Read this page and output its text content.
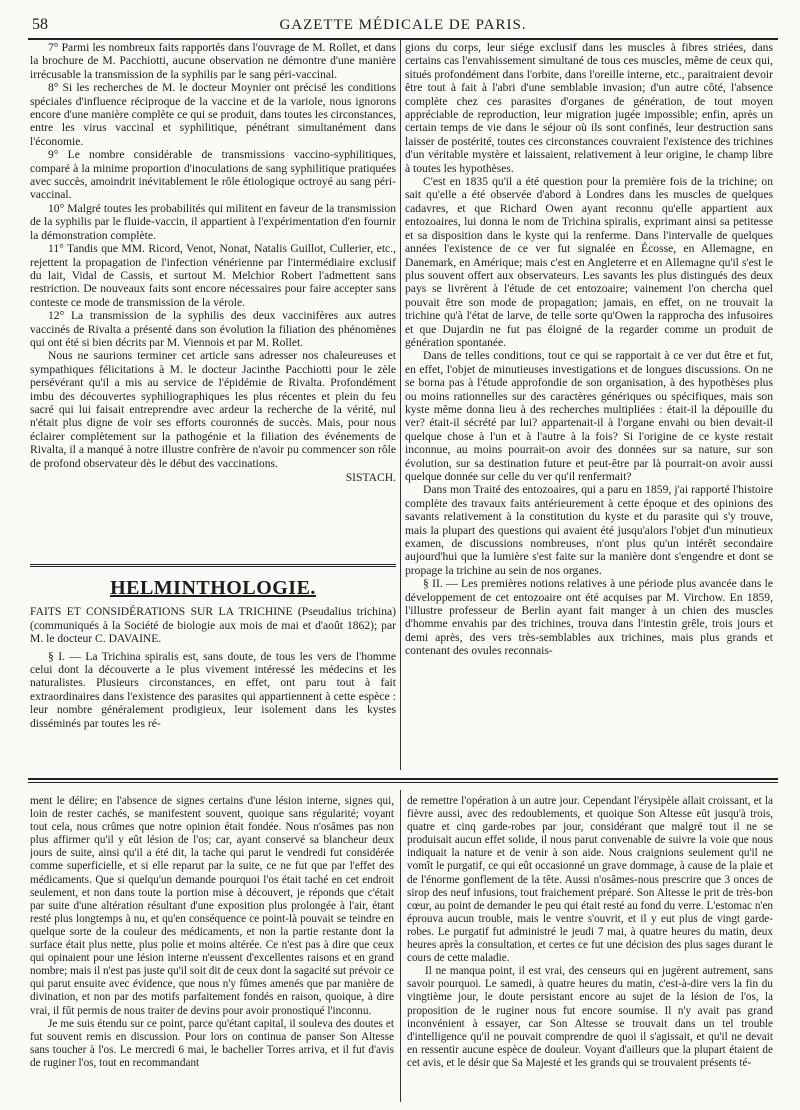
58	GAZETTE MÉDICALE DE PARIS.

7° Parmi les nombreux faits rapportés dans l'ouvrage de M. Rollet, et dans la brochure de M. Pacchiotti, aucune observation ne démontre d'une manière irrécusable la transmission de la syphilis par le sang péri-vaccinal.

8° Si les recherches de M. le docteur Moynier ont précisé les conditions spéciales d'influence réciproque de la vaccine et de la variole, nous ignorons encore d'une manière complète ce qui se produit, dans toutes les circonstances, entre les virus vaccinal et syphilitique, pénétrant simultanément dans l'économie.

9° Le nombre considérable de transmissions vaccino-syphilitiques, comparé à la minime proportion d'inoculations de sang syphilitique pratiquées avec succès, amoindrit inévitablement le rôle étiologique octroyé au sang péri-vaccinal.

10° Malgré toutes les probabilités qui militent en faveur de la transmission de la syphilis par le fluide-vaccin, il appartient à l'expérimentation d'en fournir la démonstration complète.

11° Tandis que MM. Ricord, Venot, Nonat, Natalis Guillot, Cullerier, etc., rejettent la propagation de l'infection vénérienne par l'intermédiaire exclusif du lait, Vidal de Cassis, et surtout M. Melchior Robert l'admettent sans restriction. De nouveaux faits sont encore nécessaires pour faire accepter sans conteste ce mode de transmission de la vérole.

12° La transmission de la syphilis des deux vaccinifères aux autres vaccinés de Rivalta a présenté dans son évolution la filiation des phénomènes qui ont été si bien décrits par M. Viennois et par M. Rollet.

Nous ne saurions terminer cet article sans adresser nos chaleureuses et sympathiques félicitations à M. le docteur Jacinthe Pacchiotti pour le zèle persévérant qu'il a mis au service de l'épidémie de Rivalta. Profondément imbu des découvertes syphiliographiques les plus récentes et plein du feu sacré qui lui faisait entreprendre avec ardeur la recherche de la vérité, nul n'était plus digne de voir ses efforts couronnés de succès. Mais, pour nous éclairer complètement sur la pathogénie et la filiation des événements de Rivalta, il a manqué à notre illustre confrère de n'avoir pu commencer son rôle de profond observateur dès le début des vaccinations.

SISTACH.

HELMINTHOLOGIE.

FAITS ET CONSIDÉRATIONS SUR LA TRICHINE (Pseudalius trichina) (communiqués à la Société de biologie aux mois de mai et d'août 1862); par M. le docteur C. DAVAINE.

§ I. — La Trichina spiralis est, sans doute, de tous les vers de l'homme celui dont la découverte a le plus vivement intéressé les médecins et les naturalistes. Plusieurs circonstances, en effet, ont paru tout à fait extraordinaires dans l'existence des parasites qui appartiennent à cette espèce : leur nombre généralement prodigieux, leur isolement dans les kystes disséminés par toutes les ré-

gions du corps, leur siége exclusif dans les muscles à fibres striées, dans certains cas l'envahissement simultané de tous ces muscles, même de ceux qui, situés profondément dans l'orbite, dans l'oreille interne, etc., paraitraient devoir être tout à fait à l'abri d'une semblable invasion; d'un autre côté, l'absence complète chez ces parasites d'organes de génération, de tout moyen appréciable de reproduction, leur migration jugée impossible; enfin, après un certain temps de vie dans le séjour où ils sont confinés, leur destruction sans laisser de postérité, toutes ces circonstances couvraient l'existence des trichines d'un véritable mystère et laissaient, relativement à leur origine, le champ libre à toutes les hypothèses.

C'est en 1835 qu'il a été question pour la première fois de la trichine; on sait qu'elle a été observée d'abord à Londres dans les muscles de quelques cadavres, et que Richard Owen ayant reconnu qu'elle appartient aux entozoaires, lui donna le nom de Trichina spiralis, exprimant ainsi sa petitesse et sa disposition dans le kyste qui la renferme. Dans l'intervalle de quelques années l'existence de ce ver fut signalée en Écosse, en Allemagne, en Danemark, en Amérique; mais c'est en Angleterre et en Allemagne qu'il s'est le plus souvent offert aux observateurs. Les savants les plus distingués des deux pays se livrèrent à l'étude de cet entozoaire; vainement l'on chercha quel pouvait être son mode de propagation; jamais, en effet, on ne trouvait la trichine qu'à l'état de larve, de telle sorte qu'Owen la rapprocha des infusoires et que Dujardin ne fut pas éloigné de la regarder comme un produit de génération spontanée.

Dans de telles conditions, tout ce qui se rapportait à ce ver dut être et fut, en effet, l'objet de minutieuses investigations et de longues discussions. On ne se borna pas à l'étude approfondie de son organisation, à des hypothèses plus ou moins rationnelles sur des caractères génériques ou spécifiques, mais son kyste même donna lieu à des recherches multipliées : était-il la dépouille du ver? était-il sécrété par lui? appartenait-il à l'organe envahi ou bien devait-il quelque chose à l'un et à l'autre à la fois? Si l'origine de ce kyste restait inconnue, au moins pourrait-on avoir des données sur sa nature, sur son évolution, sur sa destination future et peut-être par là pourrait-on avoir aussi quelque donnée sur celle du ver qu'il renfermait?

Dans mon Traité des entozoaires, qui a paru en 1859, j'ai rapporté l'histoire complète des travaux faits antérieurement à cette époque et des opinions des savants relativement à la constitution du kyste et du parasite qui s'y trouve, mais la plupart des questions qui avaient été jusqu'alors l'objet d'un minutieux examen, de discussions nombreuses, n'ont plus qu'un intérêt secondaire aujourd'hui que la lumière s'est faite sur la manière dont s'engendre et dont se propage la trichine au sein de nos organes.

§ II. — Les premières notions relatives à une période plus avancée dans le développement de cet entozoaire ont été acquises par M. Virchow. En 1859, l'illustre professeur de Berlin ayant fait manger à un chien des muscles d'homme envahis par des trichines, trouva dans l'intestin grêle, trois jours et demi après, des vers très-semblables aux trichines, mais plus grands et contenant des ovules reconnais-

ment le délire; en l'absence de signes certains d'une lésion interne, signes qui, loin de rester cachés, se manifestent souvent, quoique sans régularité; voyant tout cela, nous crûmes que notre opinion était fondée. Nous n'osâmes pas non plus affirmer qu'il y eût lésion de l'os; car, ayant conservé sa blancheur deux jours de suite, ainsi qu'il a été dit, la tache qui parut le vendredi fut considérée comme superficielle, et si elle reparut par la suite, ce ne fut que par l'effet des médicaments. Que si quelqu'un demande pourquoi l'os était taché en cet endroit seulement, et non dans toute la portion mise à découvert, je réponds que c'était par suite d'une altération résultant d'une exposition plus prolongée à l'air, étant resté plus longtemps à nu, et qu'en conséquence ce point-là pouvait se teindre en quelque sorte de la couleur des médicaments, et non la partie restante dont la surface était plus nette, plus polie et moins altérée. Ce n'est pas à dire que ceux qui opinaient pour une lésion interne n'eussent d'excellentes raisons et en grand nombre; mais il n'est pas juste qu'il soit dit de ceux dont la sagacité sut prévoir ce qui parut ensuite avec évidence, que nous n'y fûmes amenés que par manière de divination, et non par des motifs parfaitement fondés en raison, quoique, à dire vrai, il fût permis de nous traiter de devins pour avoir pronostiqué l'inconnu.

Je me suis étendu sur ce point, parce qu'étant capital, il souleva des doutes et fut souvent remis en discussion. Pour lors on continua de panser Son Altesse sans toucher à l'os. Le mercredi 6 mai, le bachelier Torres arriva, et il fut d'avis de ruginer l'os, tout en recommandant

de remettre l'opération à un autre jour. Cependant l'érysipèle allait croissant, et la fièvre aussi, avec des redoublements, et quoique Son Altesse eût jusqu'à trois, quatre et cinq garde-robes par jour, considérant que malgré tout il ne se produisait aucun effet solide, il nous parut convenable de suivre la voie que nous indiquait la nature et de venir à son aide. Nous craignions seulement qu'il ne vomît le purgatif, ce qui eût occasionné un grave dommage, à cause de la plaie et de l'énorme gonflement de la tête. Aussi n'osâmes-nous prescrire que 3 onces de sirop des neuf infusions, tout fraichement préparé. Son Altesse le prit de très-bon cœur, au point de demander le peu qui était resté au fond du verre. L'estomac n'en éprouva aucun trouble, mais le ventre s'ouvrit, et il y eut plus de vingt garde-robes. Le purgatif fut administré le jeudi 7 mai, à quatre heures du matin, deux heures après la consultation, et certes ce fut une décision des plus sages durant le cours de cette maladie.

Il ne manqua point, il est vrai, des censeurs qui en jugèrent autrement, sans savoir pourquoi. Le samedi, à quatre heures du matin, c'est-à-dire vers la fin du vingtième jour, le doute persistant encore au sujet de la lésion de l'os, la proposition de le ruginer nous fut encore soumise. Il n'y avait pas grand inconvénient à essayer, car Son Altesse se trouvait dans un tel trouble d'intelligence qu'il ne pouvait comprendre de quoi il s'agissait, et qu'il ne devait en ressentir aucune espèce de douleur. Voyant d'ailleurs que la plupart étaient de cet avis, et le désir que Sa Majesté et les grands qui se trouvaient présents té-
